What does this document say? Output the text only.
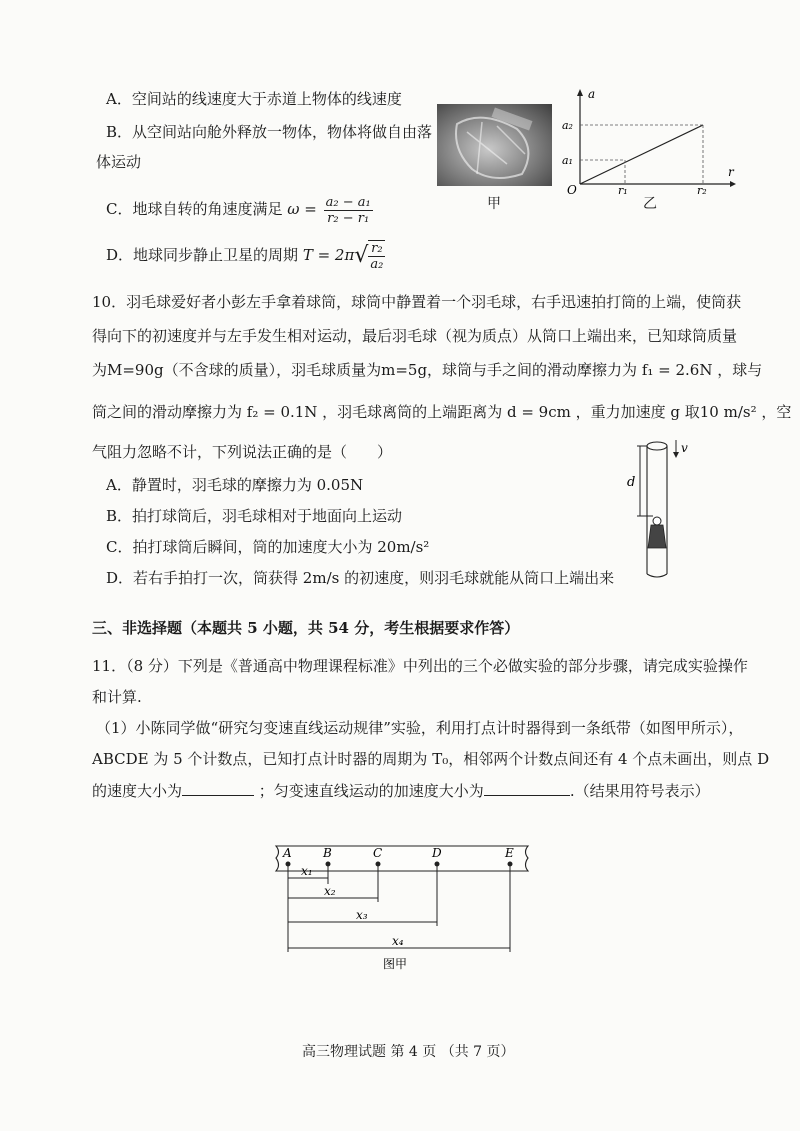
A．空间站的线速度大于赤道上物体的线速度
B．从空间站向舱外释放一物体，物体将做自由落
体运动
C．地球自转的角速度满足 $\omega = \frac{\text{a₂ − a₁}}{\text{r₂ − r₁}}$
D．地球同步静止卫星的周期 $T = 2\pi√ \frac{\text{r₂}}{\text{a₂}}$
甲
a
r
O
a₁
a₂
r₁	r₂
乙
10．羽毛球爱好者小彭左手拿着球筒，球筒中静置着一个羽毛球，右手迅速拍打筒的上端，使筒获
得向下的初速度并与左手发生相对运动，最后羽毛球（视为质点）从筒口上端出来，已知球筒质量
为M=90g（不含球的质量），羽毛球质量为m=5g，球筒与手之间的滑动摩擦力为 f₁ = 2.6N ，球与
筒之间的滑动摩擦力为 f₂ = 0.1N ，羽毛球离筒的上端距离为 d = 9cm ，重力加速度 g 取10 m/s² ，空
气阻力忽略不计，下列说法正确的是（　　）
A．静置时，羽毛球的摩擦力为 0.05N
B．拍打球筒后，羽毛球相对于地面向上运动
C．拍打球筒后瞬间，筒的加速度大小为 20m/s²
D．若右手拍打一次，筒获得 2m/s 的初速度，则羽毛球就能从筒口上端出来
d
v
三、非选择题（本题共 5 小题，共 54 分，考生根据要求作答）
11．（8 分）下列是《普通高中物理课程标准》中列出的三个必做实验的部分步骤，请完成实验操作
和计算.
（1）小陈同学做“研究匀变速直线运动规律”实验，利用打点计时器得到一条纸带（如图甲所示），
ABCDE 为 5 个计数点，已知打点计时器的周期为 T₀，相邻两个计数点间还有 4 个点未画出，则点 D
的速度大小为	；匀变速直线运动的加速度大小为	.（结果用符号表示）
A	B	C	D	E
x₁
x₂
x₃
x₄
图甲
高三物理试题 第 4 页 （共 7 页）
